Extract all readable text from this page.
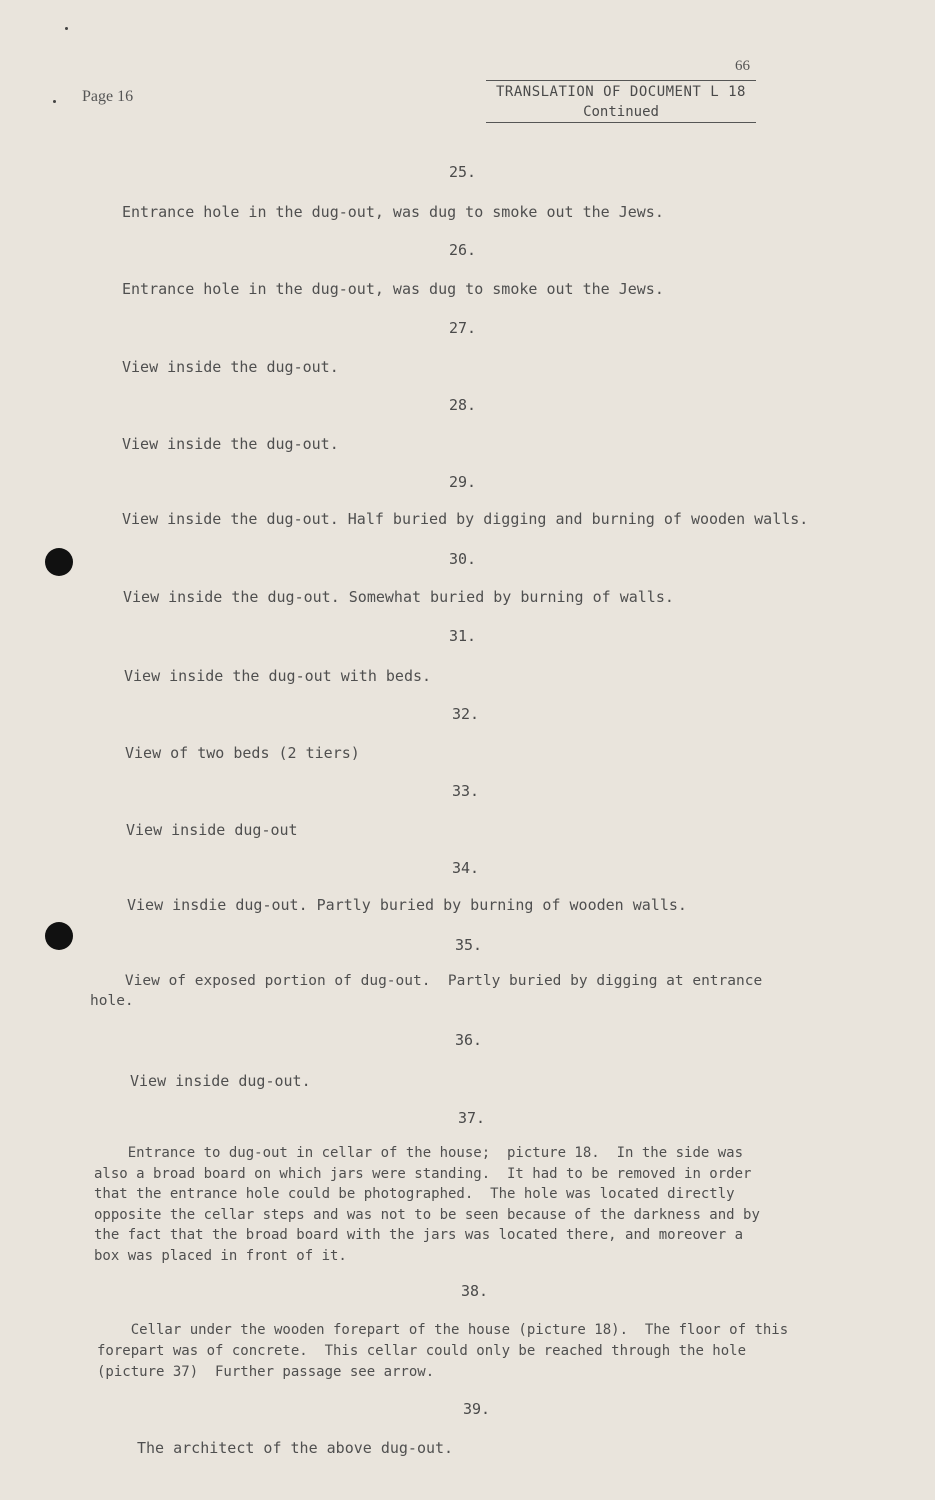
Page 16
66
TRANSLATION OF DOCUMENT L 18
Continued
25.
Entrance hole in the dug-out, was dug to smoke out the Jews.
26.
Entrance hole in the dug-out, was dug to smoke out the Jews.
27.
View inside the dug-out.
28.
View inside the dug-out.
29.
View inside the dug-out. Half buried by digging and burning of wooden walls.
30.
View inside the dug-out. Somewhat buried by burning of walls.
31.
View inside the dug-out with beds.
32.
View of two beds (2 tiers)
33.
View inside dug-out
34.
View insdie dug-out. Partly buried by burning of wooden walls.
35.
View of exposed portion of dug-out.  Partly buried by digging at entrance
hole.
36.
View inside dug-out.
37.
Entrance to dug-out in cellar of the house;  picture 18.  In the side was
also a broad board on which jars were standing.  It had to be removed in order
that the entrance hole could be photographed.  The hole was located directly
opposite the cellar steps and was not to be seen because of the darkness and by
the fact that the broad board with the jars was located there, and moreover a
box was placed in front of it.
38.
Cellar under the wooden forepart of the house (picture 18).  The floor of this
forepart was of concrete.  This cellar could only be reached through the hole
(picture 37)  Further passage see arrow.
39.
The architect of the above dug-out.
